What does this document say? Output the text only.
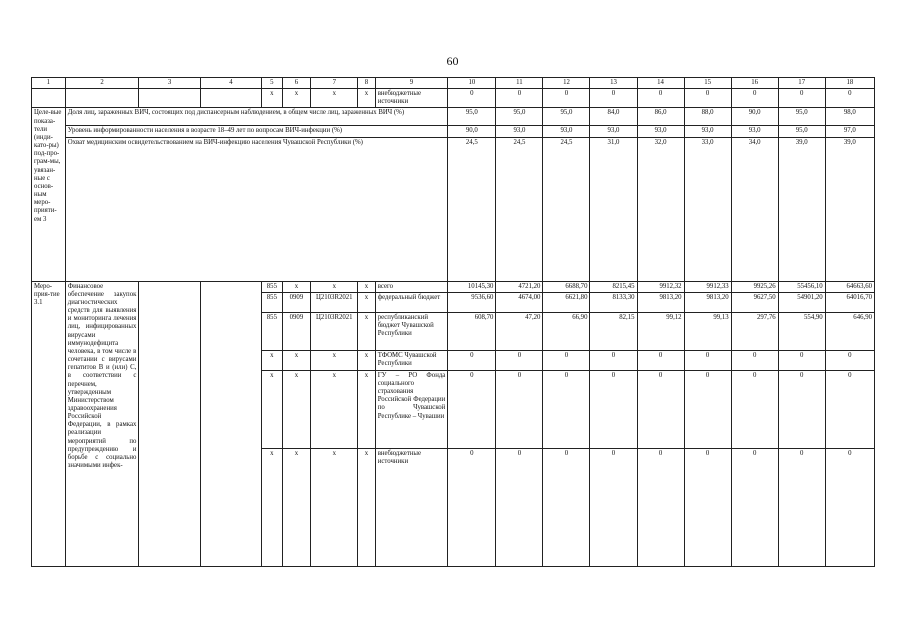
60
1	2	3	4	5	6	7	8	9	10	11	12	13	14	15	16	17	18
				х	х	х	х	внебюджетные источники	0	0	0	0	0	0	0	0	0
Целе-вые показа-тели (инди-като-ры) под-про-грам-мы, увязан-ные с основ-ным меро-прияти-ем 3	Доля лиц, зараженных ВИЧ, состоящих под диспансерным наблюдением, в общем числе лиц, зараженных ВИЧ (%)								95,0	95,0	95,0	84,0	86,0	88,0	90,0	95,0	98,0
	Уровень информированности населения в возрасте 18–49 лет по вопросам ВИЧ-инфекции (%)								90,0	93,0	93,0	93,0	93,0	93,0	93,0	95,0	97,0
	Охват медицинским освидетельствованием на ВИЧ-инфекцию населения Чувашской Республики (%)								24,5	24,5	24,5	31,0	32,0	33,0	34,0	39,0	39,0
Меро-прия-тие 3.1	Финансовое обеспечение закупок диагностических средств для выявления и мониторинга лечения лиц, инфицированных вирусами иммунодефицита человека, в том числе в сочетании с вирусами гепатитов В и (или) С, в соответствии с перечнем, утвержденным Министерством здравоохранения Российской Федерации, в рамках реализации мероприятий по предупреждению и борьбе с социально значимыми инфек-			855	х	х	х	всего	10145,30	4721,20	6688,70	8215,45	9912,32	9912,33	9925,26	55456,10	64663,60
				855	0909	Ц2103R2021	х	федеральный бюджет	9536,60	4674,00	6621,80	8133,30	9813,20	9813,20	9627,50	54901,20	64016,70
				855	0909	Ц2103R2021	х	республиканский бюджет Чувашской Республики	608,70	47,20	66,90	82,15	99,12	99,13	297,76	554,90	646,90
				х	х	х	х	ТФОМС Чувашской Республики	0	0	0	0	0	0	0	0	0
				х	х	х	х	ГУ – РО Фонда социального страхования Российской Федерации по Чувашской Республике – Чувашии	0	0	0	0	0	0	0	0	0
				х	х	х	х	внебюджетные источники	0	0	0	0	0	0	0	0	0
